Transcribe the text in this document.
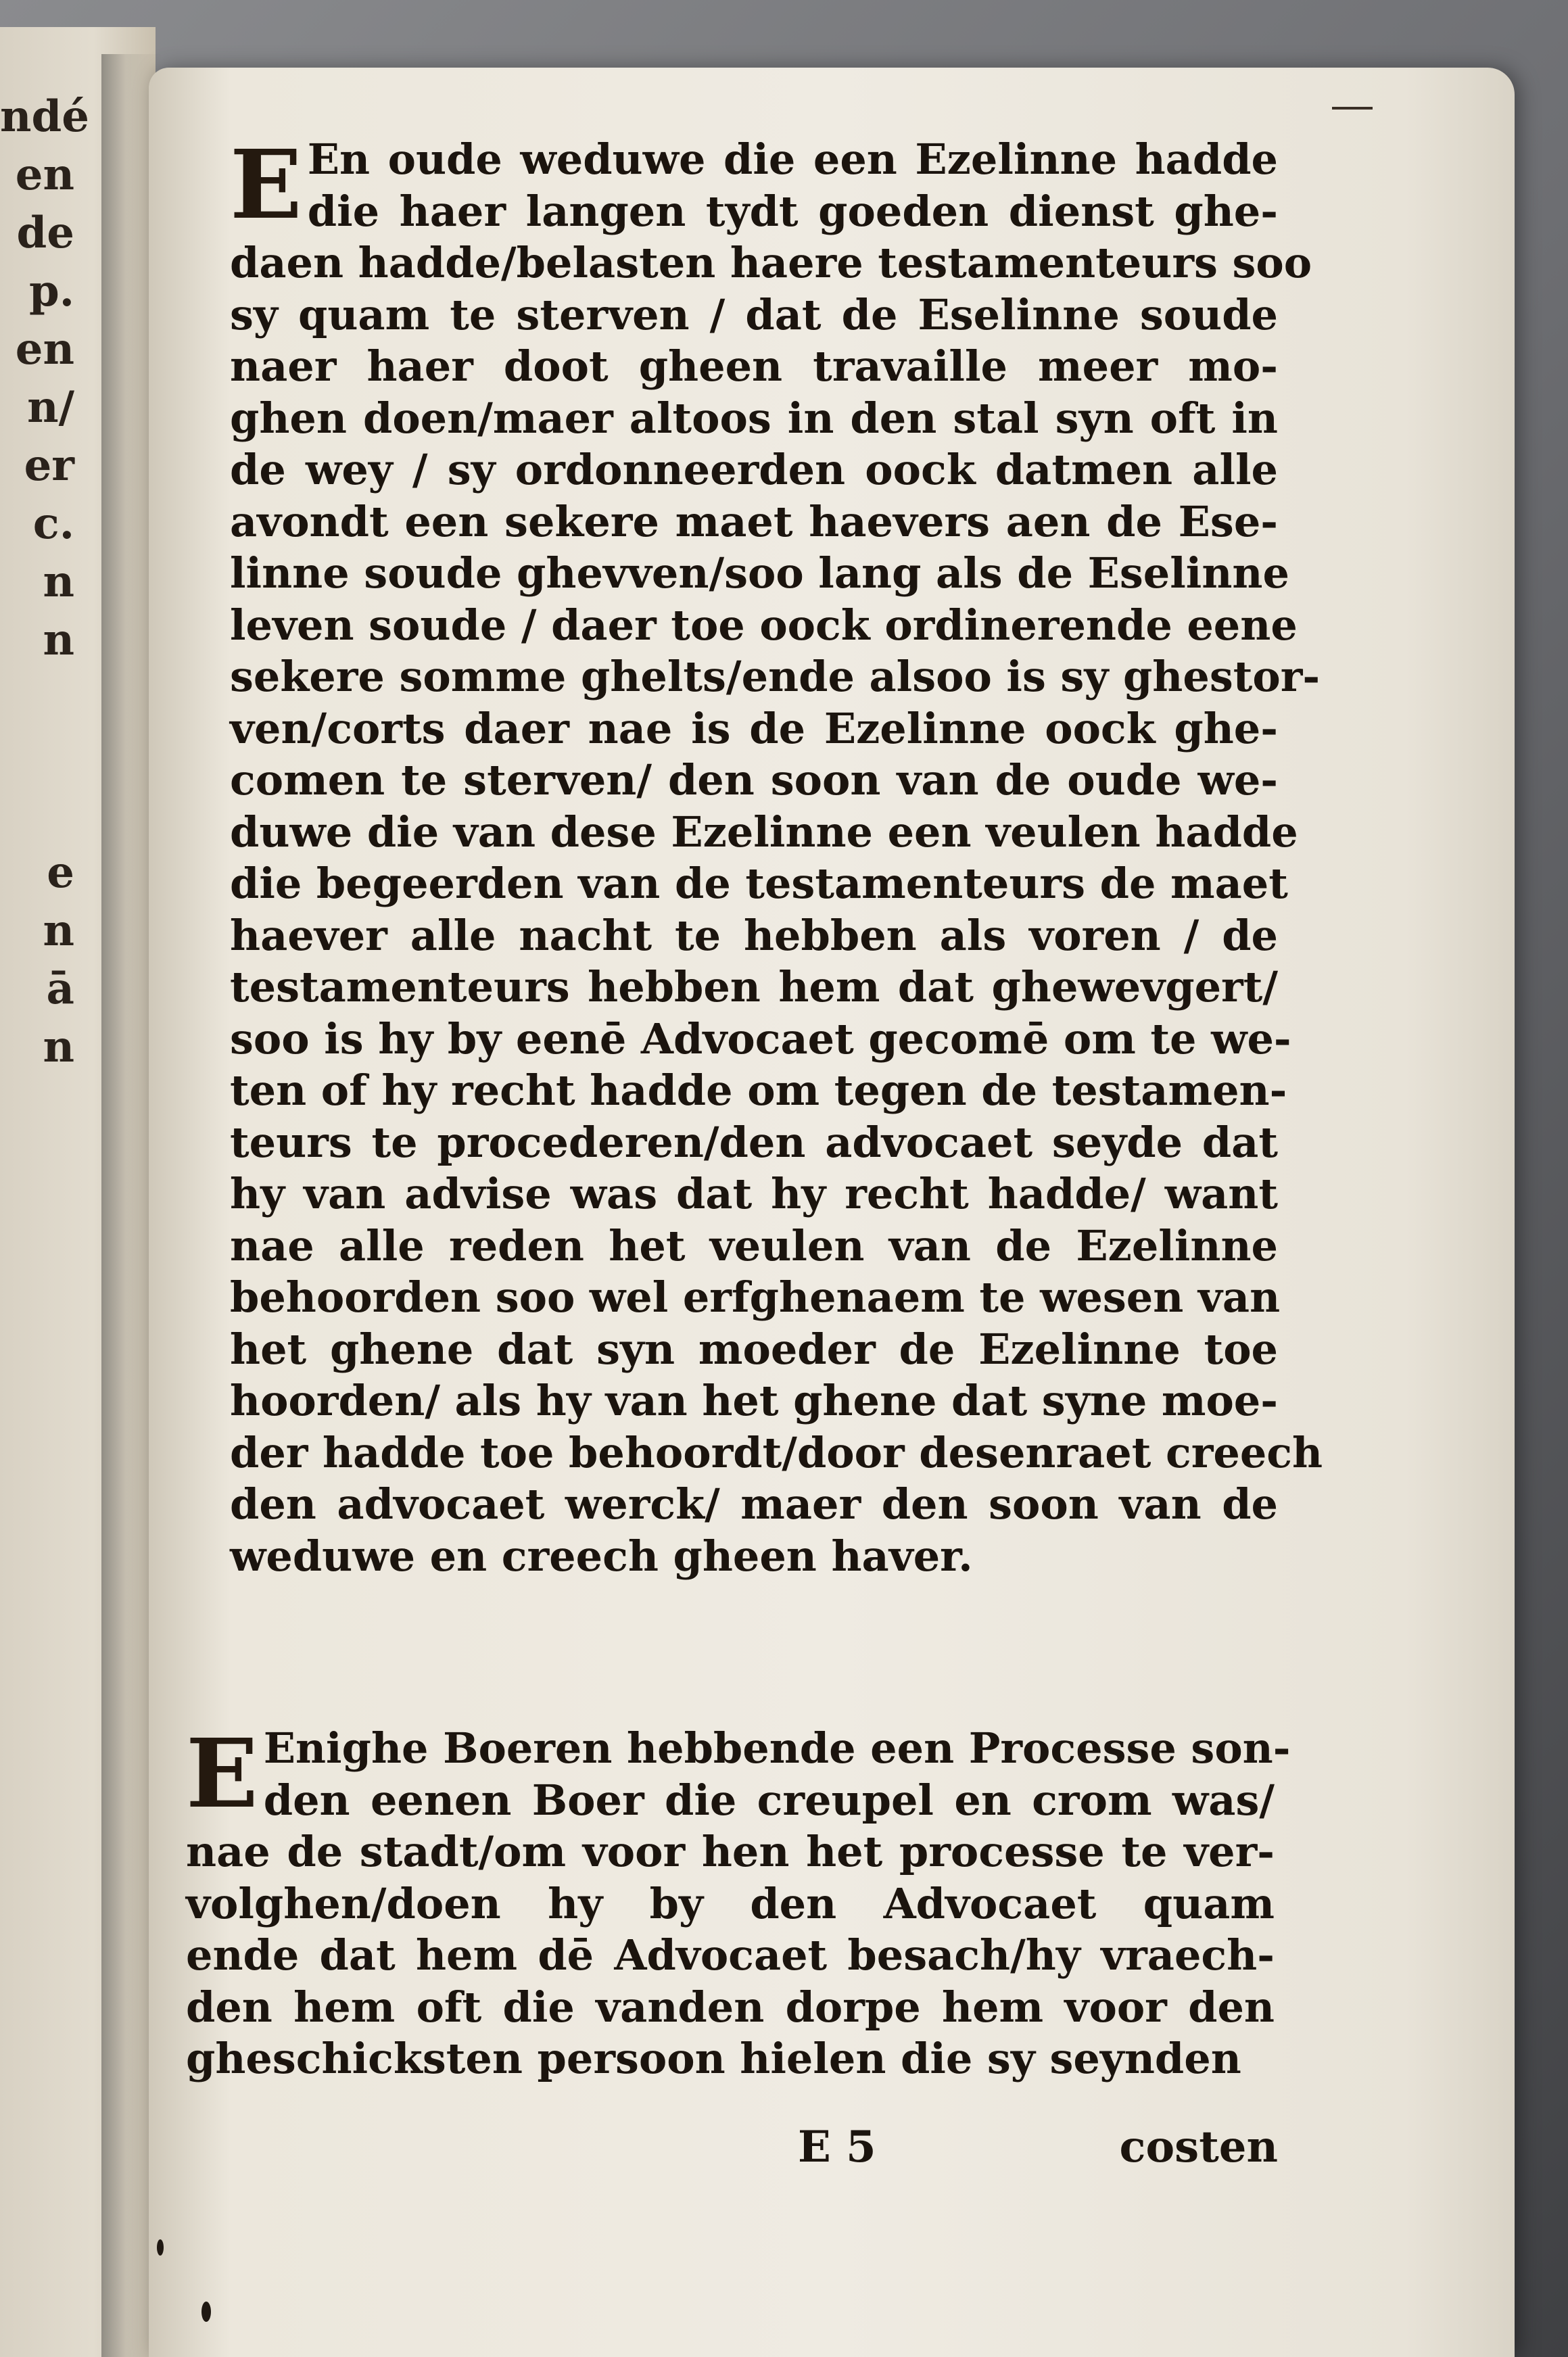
ndé
en
de
p.
en
n/
er
c.
n
n
e
n
ā
n
E En oude weduwe die een Ezelinne hadde
die haer langen tydt goeden dienst ghe-
daen hadde/belasten haere testamenteurs soo
sy quam te sterven / dat de Eselinne soude
naer haer doot gheen travaille meer mo-
ghen doen/maer altoos in den stal syn oft in
de wey / sy ordonneerden oock datmen alle
avondt een sekere maet haevers aen de Ese-
linne soude ghevven/soo lang als de Eselinne
leven soude / daer toe oock ordinerende eene
sekere somme ghelts/ende alsoo is sy ghestor-
ven/corts daer nae is de Ezelinne oock ghe-
comen te sterven/ den soon van de oude we-
duwe die van dese Ezelinne een veulen hadde
die begeerden van de testamenteurs de maet
haever alle nacht te hebben als voren / de
testamenteurs hebben hem dat ghewevgert/
soo is hy by eenē Advocaet gecomē om te we-
ten of hy recht hadde om tegen de testamen-
teurs te procederen/den advocaet seyde dat
hy van advise was dat hy recht hadde/ want
nae alle reden het veulen van de Ezelinne
behoorden soo wel erfghenaem te wesen van
het ghene dat syn moeder de Ezelinne toe
hoorden/ als hy van het ghene dat syne moe-
der hadde toe behoordt/door desenraet creech
den advocaet werck/ maer den soon van de
weduwe en creech gheen haver.
E Enighe Boeren hebbende een Processe son-
den eenen Boer die creupel en crom was/
nae de stadt/om voor hen het processe te ver-
volghen/doen hy by den Advocaet quam
ende dat hem dē Advocaet besach/hy vraech-
den hem oft die vanden dorpe hem voor den
gheschicksten persoon hielen die sy seynden
E 5	costen
